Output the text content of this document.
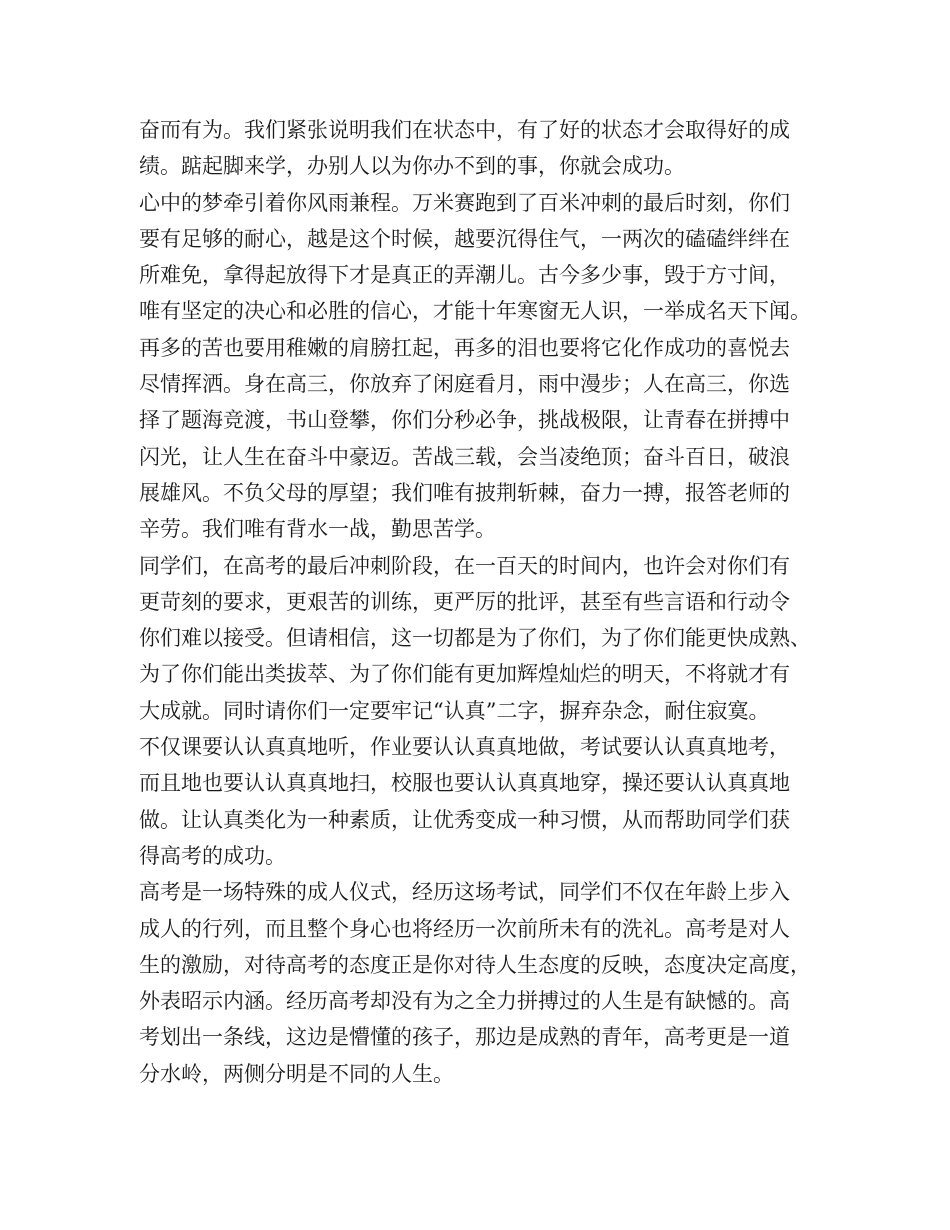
奋而有为。我们紧张说明我们在状态中，有了好的状态才会取得好的成
绩。踮起脚来学，办别人以为你办不到的事，你就会成功。
心中的梦牵引着你风雨兼程。万米赛跑到了百米冲刺的最后时刻，你们
要有足够的耐心，越是这个时候，越要沉得住气，一两次的磕磕绊绊在
所难免，拿得起放得下才是真正的弄潮儿。古今多少事，毁于方寸间，
唯有坚定的决心和必胜的信心，才能十年寒窗无人识，一举成名天下闻。
再多的苦也要用稚嫩的肩膀扛起，再多的泪也要将它化作成功的喜悦去
尽情挥洒。身在高三，你放弃了闲庭看月，雨中漫步；人在高三，你选
择了题海竞渡，书山登攀，你们分秒必争，挑战极限，让青春在拼搏中
闪光，让人生在奋斗中豪迈。苦战三载，会当凌绝顶；奋斗百日，破浪
展雄风。不负父母的厚望；我们唯有披荆斩棘，奋力一搏，报答老师的
辛劳。我们唯有背水一战，勤思苦学。
同学们，在高考的最后冲刺阶段，在一百天的时间内，也许会对你们有
更苛刻的要求，更艰苦的训练，更严厉的批评，甚至有些言语和行动令
你们难以接受。但请相信，这一切都是为了你们，为了你们能更快成熟、
为了你们能出类拔萃、为了你们能有更加辉煌灿烂的明天，不将就才有
大成就。同时请你们一定要牢记“认真”二字，摒弃杂念，耐住寂寞。
不仅课要认认真真地听，作业要认认真真地做，考试要认认真真地考，
而且地也要认认真真地扫，校服也要认认真真地穿，操还要认认真真地
做。让认真类化为一种素质，让优秀变成一种习惯，从而帮助同学们获
得高考的成功。
高考是一场特殊的成人仪式，经历这场考试，同学们不仅在年龄上步入
成人的行列，而且整个身心也将经历一次前所未有的洗礼。高考是对人
生的激励，对待高考的态度正是你对待人生态度的反映，态度决定高度，
外表昭示内涵。经历高考却没有为之全力拼搏过的人生是有缺憾的。高
考划出一条线，这边是懵懂的孩子，那边是成熟的青年，高考更是一道
分水岭，两侧分明是不同的人生。
